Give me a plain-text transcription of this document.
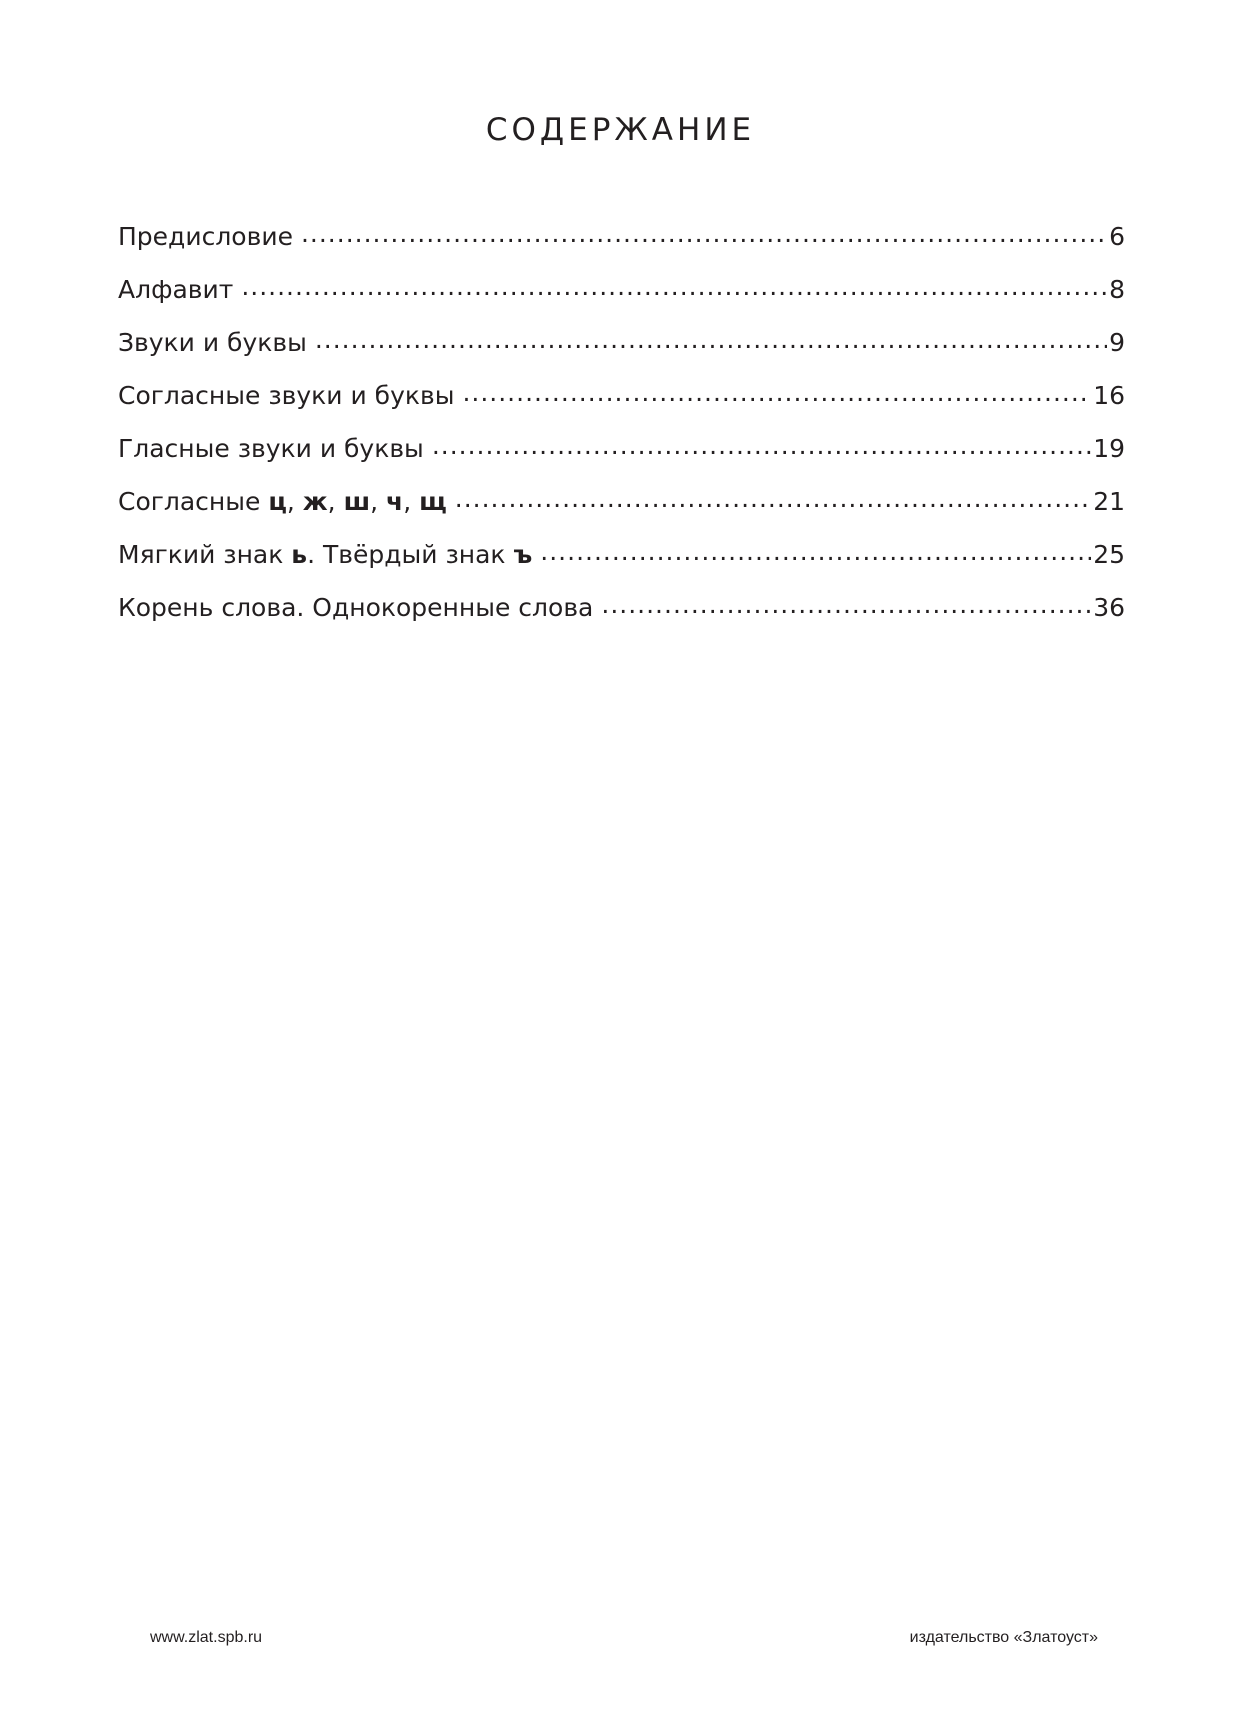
СОДЕРЖАНИЕ
Предисловие .....	6
Алфавит .....	8
Звуки и буквы .....	9
Согласные звуки и буквы .....	16
Гласные звуки и буквы .....	19
Согласные ц, ж, ш, ч, щ .....	21
Мягкий знак ь. Твёрдый знак ъ .....	25
Корень слова. Однокоренные слова .....	36
www.zlat.spb.ru	издательство «Златоуст»
